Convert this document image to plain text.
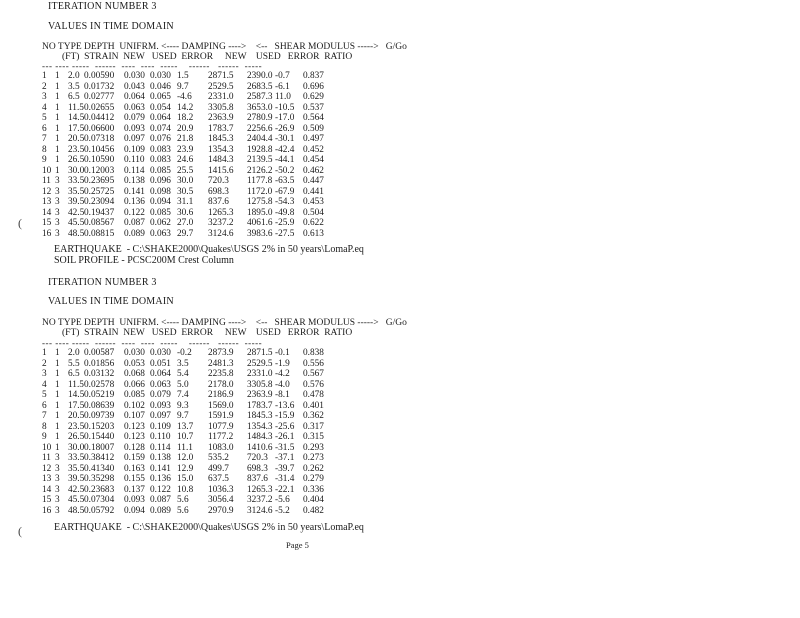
ITERATION NUMBER 3
VALUES IN TIME DOMAIN
NO TYPE DEPTH  UNIFRM. <---- DAMPING ---->    <--   SHEAR MODULUS ----->   G/Go
(FT)  STRAIN  NEW   USED  ERROR     NEW    USED   ERROR  RATIO
--- ---- -----  ------  ----  ----  -----    ------   ------  -----
1 1 2.0 0.00590 0.030 0.030 1.5 2871.5 2390.0 -0.7 0.837
2 1 3.5 0.01732 0.043 0.046 9.7 2529.5 2683.5 -6.1 0.696
3 1 6.5 0.02777 0.064 0.065 -4.6 2331.0 2587.3 11.0 0.629
4 1 11.5 0.02655 0.063 0.054 14.2 3305.8 3653.0 -10.5 0.537
5 1 14.5 0.04412 0.079 0.064 18.2 2363.9 2780.9 -17.0 0.564
6 1 17.5 0.06600 0.093 0.074 20.9 1783.7 2256.6 -26.9 0.509
7 1 20.5 0.07318 0.097 0.076 21.8 1845.3 2404.4 -30.1 0.497
8 1 23.5 0.10456 0.109 0.083 23.9 1354.3 1928.8 -42.4 0.452
9 1 26.5 0.10590 0.110 0.083 24.6 1484.3 2139.5 -44.1 0.454
10 1 30.0 0.12003 0.114 0.085 25.5 1415.6 2126.2 -50.2 0.462
11 3 33.5 0.23695 0.138 0.096 30.0 720.3 1177.8 -63.5 0.447
12 3 35.5 0.25725 0.141 0.098 30.5 698.3 1172.0 -67.9 0.441
13 3 39.5 0.23094 0.136 0.094 31.1 837.6 1275.8 -54.3 0.453
14 3 42.5 0.19437 0.122 0.085 30.6 1265.3 1895.0 -49.8 0.504
15 3 45.5 0.08567 0.087 0.062 27.0 3237.2 4061.6 -25.9 0.622
16 3 48.5 0.08815 0.089 0.063 29.7 3124.6 3983.6 -27.5 0.613
EARTHQUAKE  - C:\SHAKE2000\Quakes\USGS 2% in 50 years\LomaP.eq
SOIL PROFILE - PCSC200M Crest Column
ITERATION NUMBER 3
VALUES IN TIME DOMAIN
NO TYPE DEPTH  UNIFRM. <---- DAMPING ---->    <--   SHEAR MODULUS ----->   G/Go
(FT)  STRAIN  NEW   USED  ERROR     NEW    USED   ERROR  RATIO
--- ---- -----  ------  ----  ----  -----    ------   ------  -----
1 1 2.0 0.00587 0.030 0.030 -0.2 2873.9 2871.5 -0.1 0.838
2 1 5.5 0.01856 0.053 0.051 3.5 2481.3 2529.5 -1.9 0.556
3 1 6.5 0.03132 0.068 0.064 5.4 2235.8 2331.0 -4.2 0.567
4 1 11.5 0.02578 0.066 0.063 5.0 2178.0 3305.8 -4.0 0.576
5 1 14.5 0.05219 0.085 0.079 7.4 2186.9 2363.9 -8.1 0.478
6 1 17.5 0.08639 0.102 0.093 9.3 1569.0 1783.7 -13.6 0.401
7 1 20.5 0.09739 0.107 0.097 9.7 1591.9 1845.3 -15.9 0.362
8 1 23.5 0.15203 0.123 0.109 13.7 1077.9 1354.3 -25.6 0.317
9 1 26.5 0.15440 0.123 0.110 10.7 1177.2 1484.3 -26.1 0.315
10 1 30.0 0.18007 0.128 0.114 11.1 1083.0 1410.6 -31.5 0.293
11 3 33.5 0.38412 0.159 0.138 12.0 535.2 720.3 -37.1 0.273
12 3 35.5 0.41340 0.163 0.141 12.9 499.7 698.3 -39.7 0.262
13 3 39.5 0.35298 0.155 0.136 15.0 637.5 837.6 -31.4 0.279
14 3 42.5 0.23683 0.137 0.122 10.8 1036.3 1265.3 -22.1 0.336
15 3 45.5 0.07304 0.093 0.087 5.6 3056.4 3237.2 -5.6 0.404
16 3 48.5 0.05792 0.094 0.089 5.6 2970.9 3124.6 -5.2 0.482
EARTHQUAKE  - C:\SHAKE2000\Quakes\USGS 2% in 50 years\LomaP.eq
Page 5
(
(
